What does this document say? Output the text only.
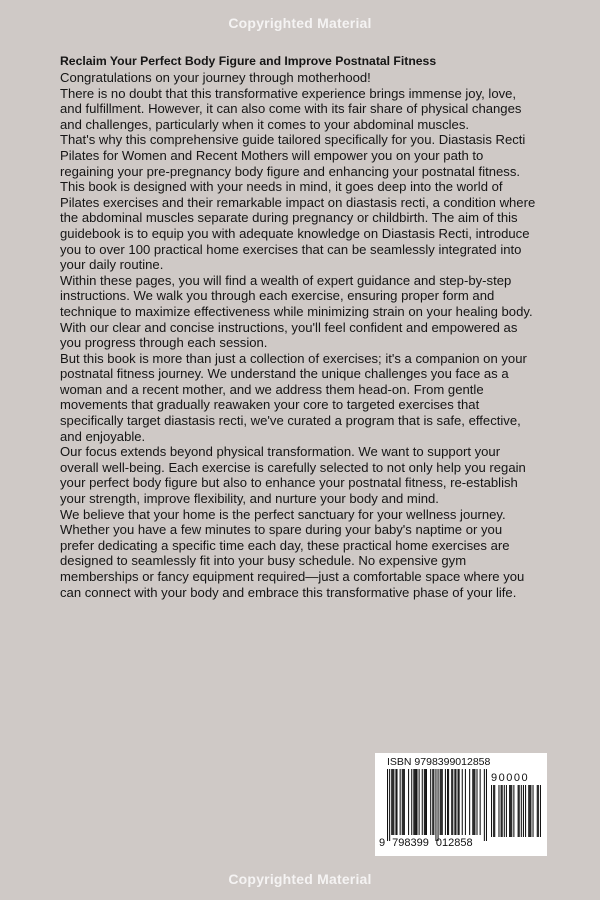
Copyrighted Material

Reclaim Your Perfect Body Figure and Improve Postnatal Fitness

Congratulations on your journey through motherhood!

There is no doubt that this transformative experience brings immense joy, love, and fulfillment. However, it can also come with its fair share of physical changes and challenges, particularly when it comes to your abdominal muscles.

That's why this comprehensive guide tailored specifically for you. Diastasis Recti Pilates for Women and Recent Mothers will empower you on your path to regaining your pre-pregnancy body figure and enhancing your postnatal fitness.

This book is designed with your needs in mind, it goes deep into the world of Pilates exercises and their remarkable impact on diastasis recti, a condition where the abdominal muscles separate during pregnancy or childbirth. The aim of this guidebook is to equip you with adequate knowledge on Diastasis Recti, introduce you to over 100 practical home exercises that can be seamlessly integrated into your daily routine.

Within these pages, you will find a wealth of expert guidance and step-by-step instructions. We walk you through each exercise, ensuring proper form and technique to maximize effectiveness while minimizing strain on your healing body. With our clear and concise instructions, you'll feel confident and empowered as you progress through each session.

But this book is more than just a collection of exercises; it's a companion on your postnatal fitness journey. We understand the unique challenges you face as a woman and a recent mother, and we address them head-on. From gentle movements that gradually reawaken your core to targeted exercises that specifically target diastasis recti, we've curated a program that is safe, effective, and enjoyable.

Our focus extends beyond physical transformation. We want to support your overall well-being. Each exercise is carefully selected to not only help you regain your perfect body figure but also to enhance your postnatal fitness, re-establish your strength, improve flexibility, and nurture your body and mind.

We believe that your home is the perfect sanctuary for your wellness journey. Whether you have a few minutes to spare during your baby's naptime or you prefer dedicating a specific time each day, these practical home exercises are designed to seamlessly fit into your busy schedule. No expensive gym memberships or fancy equipment required—just a comfortable space where you can connect with your body and embrace this transformative phase of your life.

ISBN 9798399012858
90000
9 798399 012858
Copyrighted Material
